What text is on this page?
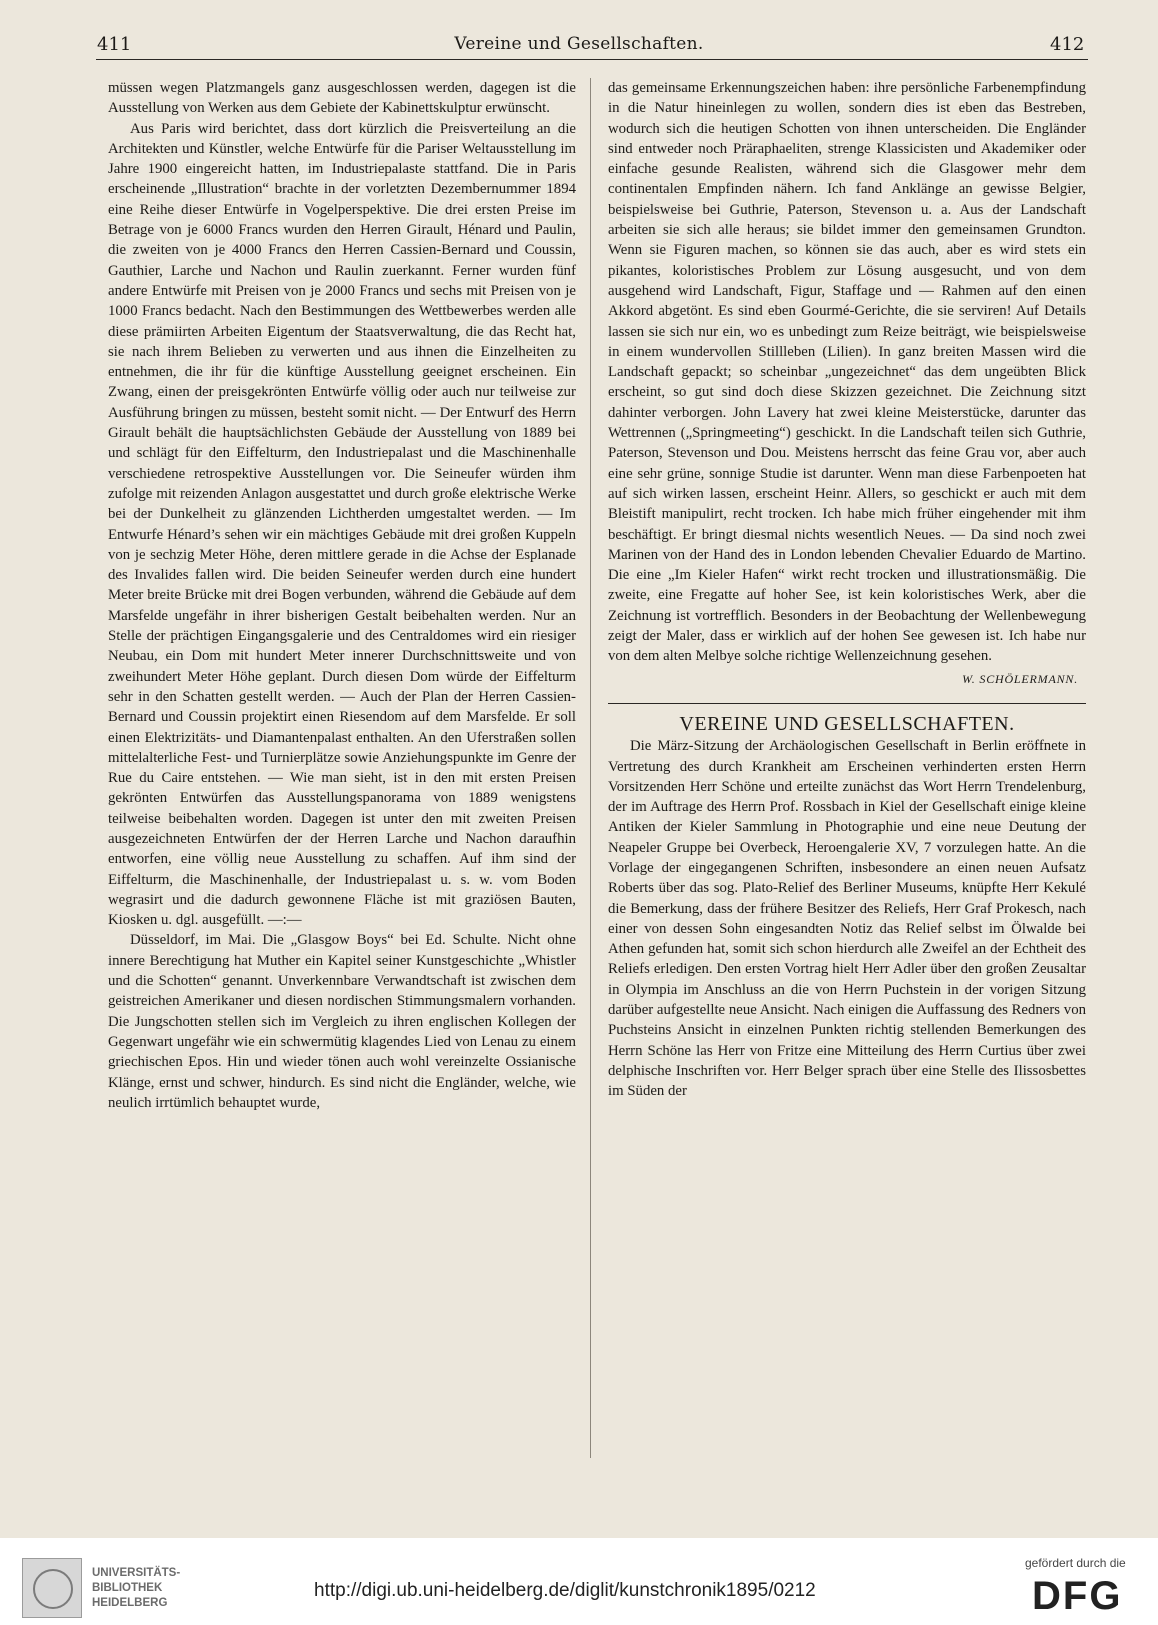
411	Vereine und Gesellschaften.	412

müssen wegen Platzmangels ganz ausgeschlossen werden, dagegen ist die Ausstellung von Werken aus dem Gebiete der Kabinettskulptur erwünscht.

Aus Paris wird berichtet, dass dort kürzlich die Preisverteilung an die Architekten und Künstler, welche Entwürfe für die Pariser Weltausstellung im Jahre 1900 eingereicht hatten, im Industriepalaste stattfand. Die in Paris erscheinende „Illustration“ brachte in der vorletzten Dezembernummer 1894 eine Reihe dieser Entwürfe in Vogelperspektive. Die drei ersten Preise im Betrage von je 6000 Francs wurden den Herren Girault, Hénard und Paulin, die zweiten von je 4000 Francs den Herren Cassien-Bernard und Coussin, Gauthier, Larche und Nachon und Raulin zuerkannt. Ferner wurden fünf andere Entwürfe mit Preisen von je 2000 Francs und sechs mit Preisen von je 1000 Francs bedacht. Nach den Bestimmungen des Wettbewerbes werden alle diese prämiirten Arbeiten Eigentum der Staatsverwaltung, die das Recht hat, sie nach ihrem Belieben zu verwerten und aus ihnen die Einzelheiten zu entnehmen, die ihr für die künftige Ausstellung geeignet erscheinen. Ein Zwang, einen der preisgekrönten Entwürfe völlig oder auch nur teilweise zur Ausführung bringen zu müssen, besteht somit nicht. — Der Entwurf des Herrn Girault behält die hauptsächlichsten Gebäude der Ausstellung von 1889 bei und schlägt für den Eiffelturm, den Industriepalast und die Maschinenhalle verschiedene retrospektive Ausstellungen vor. Die Seineufer würden ihm zufolge mit reizenden Anlagon ausgestattet und durch große elektrische Werke bei der Dunkelheit zu glänzenden Lichtherden umgestaltet werden. — Im Entwurfe Hénard’s sehen wir ein mächtiges Gebäude mit drei großen Kuppeln von je sechzig Meter Höhe, deren mittlere gerade in die Achse der Esplanade des Invalides fallen wird. Die beiden Seineufer werden durch eine hundert Meter breite Brücke mit drei Bogen verbunden, während die Gebäude auf dem Marsfelde ungefähr in ihrer bisherigen Gestalt beibehalten werden. Nur an Stelle der prächtigen Eingangsgalerie und des Centraldomes wird ein riesiger Neubau, ein Dom mit hundert Meter innerer Durchschnittsweite und von zweihundert Meter Höhe geplant. Durch diesen Dom würde der Eiffelturm sehr in den Schatten gestellt werden. — Auch der Plan der Herren Cassien-Bernard und Coussin projektirt einen Riesendom auf dem Marsfelde. Er soll einen Elektrizitäts- und Diamantenpalast enthalten. An den Uferstraßen sollen mittelalterliche Fest- und Turnierplätze sowie Anziehungspunkte im Genre der Rue du Caire entstehen. — Wie man sieht, ist in den mit ersten Preisen gekrönten Entwürfen das Ausstellungspanorama von 1889 wenigstens teilweise beibehalten worden. Dagegen ist unter den mit zweiten Preisen ausgezeichneten Entwürfen der der Herren Larche und Nachon daraufhin entworfen, eine völlig neue Ausstellung zu schaffen. Auf ihm sind der Eiffelturm, die Maschinenhalle, der Industriepalast u. s. w. vom Boden wegrasirt und die dadurch gewonnene Fläche ist mit graziösen Bauten, Kiosken u. dgl. ausgefüllt. —:—

Düsseldorf, im Mai. Die „Glasgow Boys“ bei Ed. Schulte. Nicht ohne innere Berechtigung hat Muther ein Kapitel seiner Kunstgeschichte „Whistler und die Schotten“ genannt. Unverkennbare Verwandtschaft ist zwischen dem geistreichen Amerikaner und diesen nordischen Stimmungsmalern vorhanden. Die Jungschotten stellen sich im Vergleich zu ihren englischen Kollegen der Gegenwart ungefähr wie ein schwermütig klagendes Lied von Lenau zu einem griechischen Epos. Hin und wieder tönen auch wohl vereinzelte Ossianische Klänge, ernst und schwer, hindurch. Es sind nicht die Engländer, welche, wie neulich irrtümlich behauptet wurde,

das gemeinsame Erkennungszeichen haben: ihre persönliche Farbenempfindung in die Natur hineinlegen zu wollen, sondern dies ist eben das Bestreben, wodurch sich die heutigen Schotten von ihnen unterscheiden. Die Engländer sind entweder noch Präraphaeliten, strenge Klassicisten und Akademiker oder einfache gesunde Realisten, während sich die Glasgower mehr dem continentalen Empfinden nähern. Ich fand Anklänge an gewisse Belgier, beispielsweise bei Guthrie, Paterson, Stevenson u. a. Aus der Landschaft arbeiten sie sich alle heraus; sie bildet immer den gemeinsamen Grundton. Wenn sie Figuren machen, so können sie das auch, aber es wird stets ein pikantes, koloristisches Problem zur Lösung ausgesucht, und von dem ausgehend wird Landschaft, Figur, Staffage und — Rahmen auf den einen Akkord abgetönt. Es sind eben Gourmé-Gerichte, die sie serviren! Auf Details lassen sie sich nur ein, wo es unbedingt zum Reize beiträgt, wie beispielsweise in einem wundervollen Stillleben (Lilien). In ganz breiten Massen wird die Landschaft gepackt; so scheinbar „ungezeichnet“ das dem ungeübten Blick erscheint, so gut sind doch diese Skizzen gezeichnet. Die Zeichnung sitzt dahinter verborgen. John Lavery hat zwei kleine Meisterstücke, darunter das Wettrennen („Springmeeting“) geschickt. In die Landschaft teilen sich Guthrie, Paterson, Stevenson und Dou. Meistens herrscht das feine Grau vor, aber auch eine sehr grüne, sonnige Studie ist darunter. Wenn man diese Farbenpoeten hat auf sich wirken lassen, erscheint Heinr. Allers, so geschickt er auch mit dem Bleistift manipulirt, recht trocken. Ich habe mich früher eingehender mit ihm beschäftigt. Er bringt diesmal nichts wesentlich Neues. — Da sind noch zwei Marinen von der Hand des in London lebenden Chevalier Eduardo de Martino. Die eine „Im Kieler Hafen“ wirkt recht trocken und illustrationsmäßig. Die zweite, eine Fregatte auf hoher See, ist kein koloristisches Werk, aber die Zeichnung ist vortrefflich. Besonders in der Beobachtung der Wellenbewegung zeigt der Maler, dass er wirklich auf der hohen See gewesen ist. Ich habe nur von dem alten Melbye solche richtige Wellenzeichnung gesehen.

W. SCHÖLERMANN.
VEREINE UND GESELLSCHAFTEN.

Die März-Sitzung der Archäologischen Gesellschaft in Berlin eröffnete in Vertretung des durch Krankheit am Erscheinen verhinderten ersten Herrn Vorsitzenden Herr Schöne und erteilte zunächst das Wort Herrn Trendelenburg, der im Auftrage des Herrn Prof. Rossbach in Kiel der Gesellschaft einige kleine Antiken der Kieler Sammlung in Photographie und eine neue Deutung der Neapeler Gruppe bei Overbeck, Heroengalerie XV, 7 vorzulegen hatte. An die Vorlage der eingegangenen Schriften, insbesondere an einen neuen Aufsatz Roberts über das sog. Plato-Relief des Berliner Museums, knüpfte Herr Kekulé die Bemerkung, dass der frühere Besitzer des Reliefs, Herr Graf Prokesch, nach einer von dessen Sohn eingesandten Notiz das Relief selbst im Ölwalde bei Athen gefunden hat, somit sich schon hierdurch alle Zweifel an der Echtheit des Reliefs erledigen. Den ersten Vortrag hielt Herr Adler über den großen Zeusaltar in Olympia im Anschluss an die von Herrn Puchstein in der vorigen Sitzung darüber aufgestellte neue Ansicht. Nach einigen die Auffassung des Redners von Puchsteins Ansicht in einzelnen Punkten richtig stellenden Bemerkungen des Herrn Schöne las Herr von Fritze eine Mitteilung des Herrn Curtius über zwei delphische Inschriften vor. Herr Belger sprach über eine Stelle des Ilissosbettes im Süden der

UNIVERSITÄTS-
BIBLIOTHEK
HEIDELBERG
http://digi.ub.uni-heidelberg.de/diglit/kunstchronik1895/0212
gefördert durch die
DFG
